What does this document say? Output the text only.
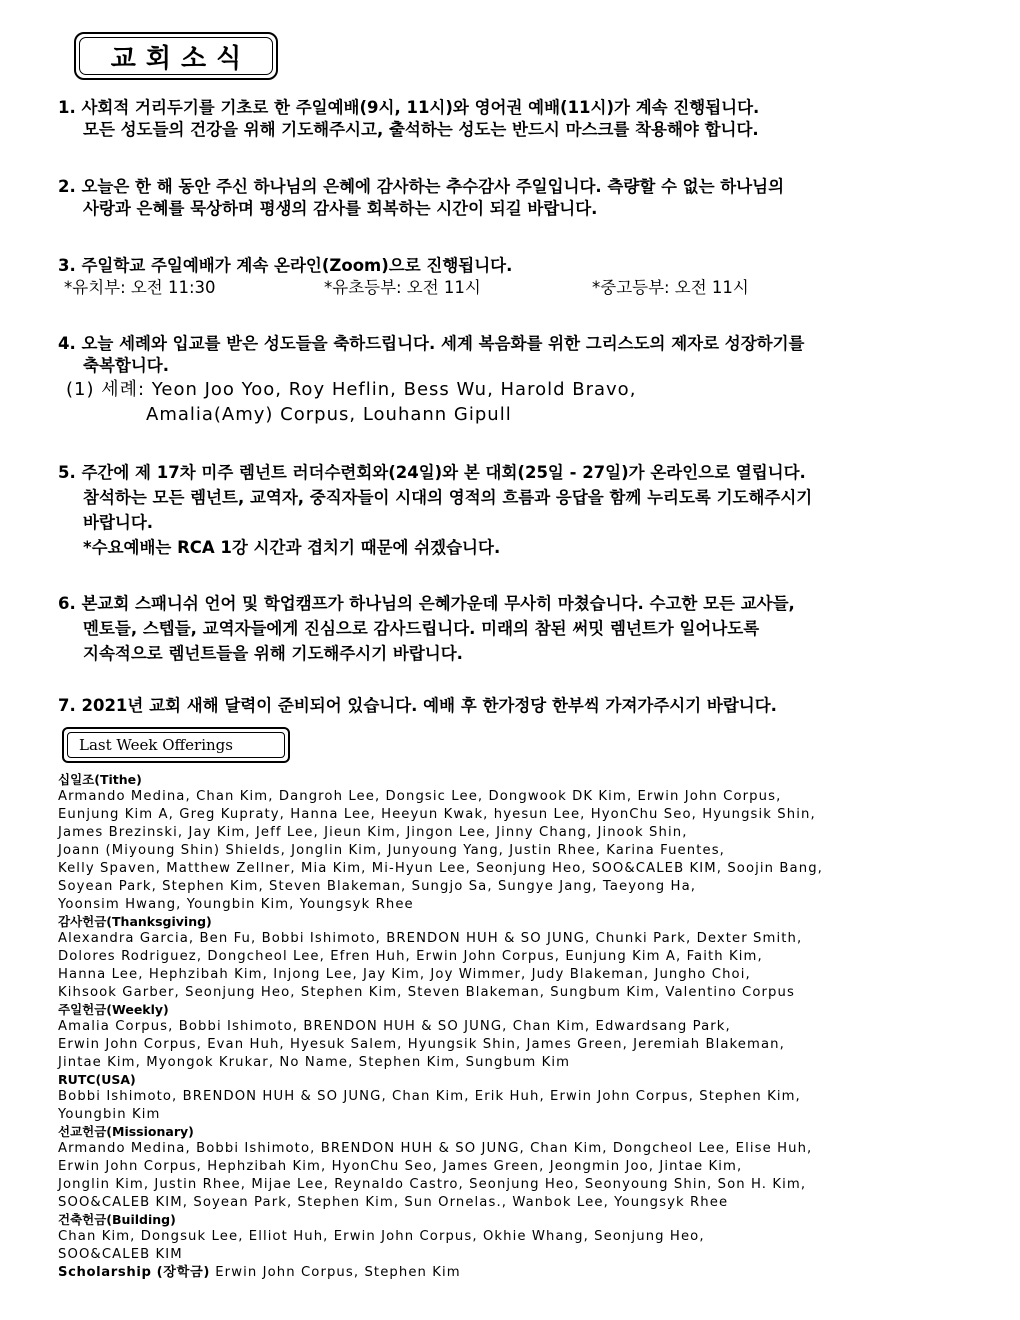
교회소식
1. 사회적 거리두기를 기초로 한 주일예배(9시, 11시)와 영어권 예배(11시)가 계속 진행됩니다.
모든 성도들의 건강을 위해 기도해주시고, 출석하는 성도는 반드시 마스크를 착용해야 합니다.
2. 오늘은 한 해 동안 주신 하나님의 은혜에 감사하는 추수감사 주일입니다. 측량할 수 없는 하나님의
사랑과 은혜를 묵상하며 평생의 감사를 회복하는 시간이 되길 바랍니다.
3. 주일학교 주일예배가 계속 온라인(Zoom)으로 진행됩니다.
*유치부: 오전 11:30	*유초등부: 오전 11시	*중고등부: 오전 11시
4. 오늘 세례와 입교를 받은 성도들을 축하드립니다. 세계 복음화를 위한 그리스도의 제자로 성장하기를
축복합니다.
(1) 세례: Yeon Joo Yoo, Roy Heflin, Bess Wu, Harold Bravo,
Amalia(Amy) Corpus, Louhann Gipull
5. 주간에 제 17차 미주 렘넌트 러더수련회와(24일)와 본 대회(25일 - 27일)가 온라인으로 열립니다.
참석하는 모든 렘넌트, 교역자, 중직자들이 시대의 영적의 흐름과 응답을 함께 누리도록 기도해주시기
바랍니다.
*수요예배는 RCA 1강 시간과 겹치기 때문에 쉬겠습니다.
6. 본교회 스패니쉬 언어 및 학업캠프가 하나님의 은혜가운데 무사히 마쳤습니다. 수고한 모든 교사들,
멘토들, 스텝들, 교역자들에게 진심으로 감사드립니다. 미래의 참된 써밋 렘넌트가 일어나도록
지속적으로 렘넌트들을 위해 기도해주시기 바랍니다.
7. 2021년 교회 새해 달력이 준비되어 있습니다. 예배 후 한가정당 한부씩 가져가주시기 바랍니다.
Last Week Offerings
십일조(Tithe)
Armando Medina, Chan Kim, Dangroh Lee, Dongsic Lee, Dongwook DK Kim, Erwin John Corpus,
Eunjung Kim A, Greg Kupraty, Hanna Lee, Heeyun Kwak, hyesun Lee, HyonChu Seo, Hyungsik Shin,
James Brezinski, Jay Kim, Jeff Lee, Jieun Kim, Jingon Lee, Jinny Chang, Jinook Shin,
Joann (Miyoung Shin) Shields, Jonglin Kim, Junyoung Yang, Justin Rhee, Karina Fuentes,
Kelly Spaven, Matthew Zellner, Mia Kim, Mi-Hyun Lee, Seonjung Heo, SOO&CALEB KIM, Soojin Bang,
Soyean Park, Stephen Kim, Steven Blakeman, Sungjo Sa, Sungye Jang, Taeyong Ha,
Yoonsim Hwang, Youngbin Kim, Youngsyk Rhee
감사헌금(Thanksgiving)
Alexandra Garcia, Ben Fu, Bobbi Ishimoto, BRENDON HUH & SO JUNG, Chunki Park, Dexter Smith,
Dolores Rodriguez, Dongcheol Lee, Efren Huh, Erwin John Corpus, Eunjung Kim A, Faith Kim,
Hanna Lee, Hephzibah Kim, Injong Lee, Jay Kim, Joy Wimmer, Judy Blakeman, Jungho Choi,
Kihsook Garber, Seonjung Heo, Stephen Kim, Steven Blakeman, Sungbum Kim, Valentino Corpus
주일헌금(Weekly)
Amalia Corpus, Bobbi Ishimoto, BRENDON HUH & SO JUNG, Chan Kim, Edwardsang Park,
Erwin John Corpus, Evan Huh, Hyesuk Salem, Hyungsik Shin, James Green, Jeremiah Blakeman,
Jintae Kim, Myongok Krukar, No Name, Stephen Kim, Sungbum Kim
RUTC(USA)
Bobbi Ishimoto, BRENDON HUH & SO JUNG, Chan Kim, Erik Huh, Erwin John Corpus, Stephen Kim,
Youngbin Kim
선교헌금(Missionary)
Armando Medina, Bobbi Ishimoto, BRENDON HUH & SO JUNG, Chan Kim, Dongcheol Lee, Elise Huh,
Erwin John Corpus, Hephzibah Kim, HyonChu Seo, James Green, Jeongmin Joo, Jintae Kim,
Jonglin Kim, Justin Rhee, Mijae Lee, Reynaldo Castro, Seonjung Heo, Seonyoung Shin, Son H. Kim,
SOO&CALEB KIM, Soyean Park, Stephen Kim, Sun Ornelas., Wanbok Lee, Youngsyk Rhee
건축헌금(Building)
Chan Kim, Dongsuk Lee, Elliot Huh, Erwin John Corpus, Okhie Whang, Seonjung Heo,
SOO&CALEB KIM
Scholarship (장학금) Erwin John Corpus, Stephen Kim
